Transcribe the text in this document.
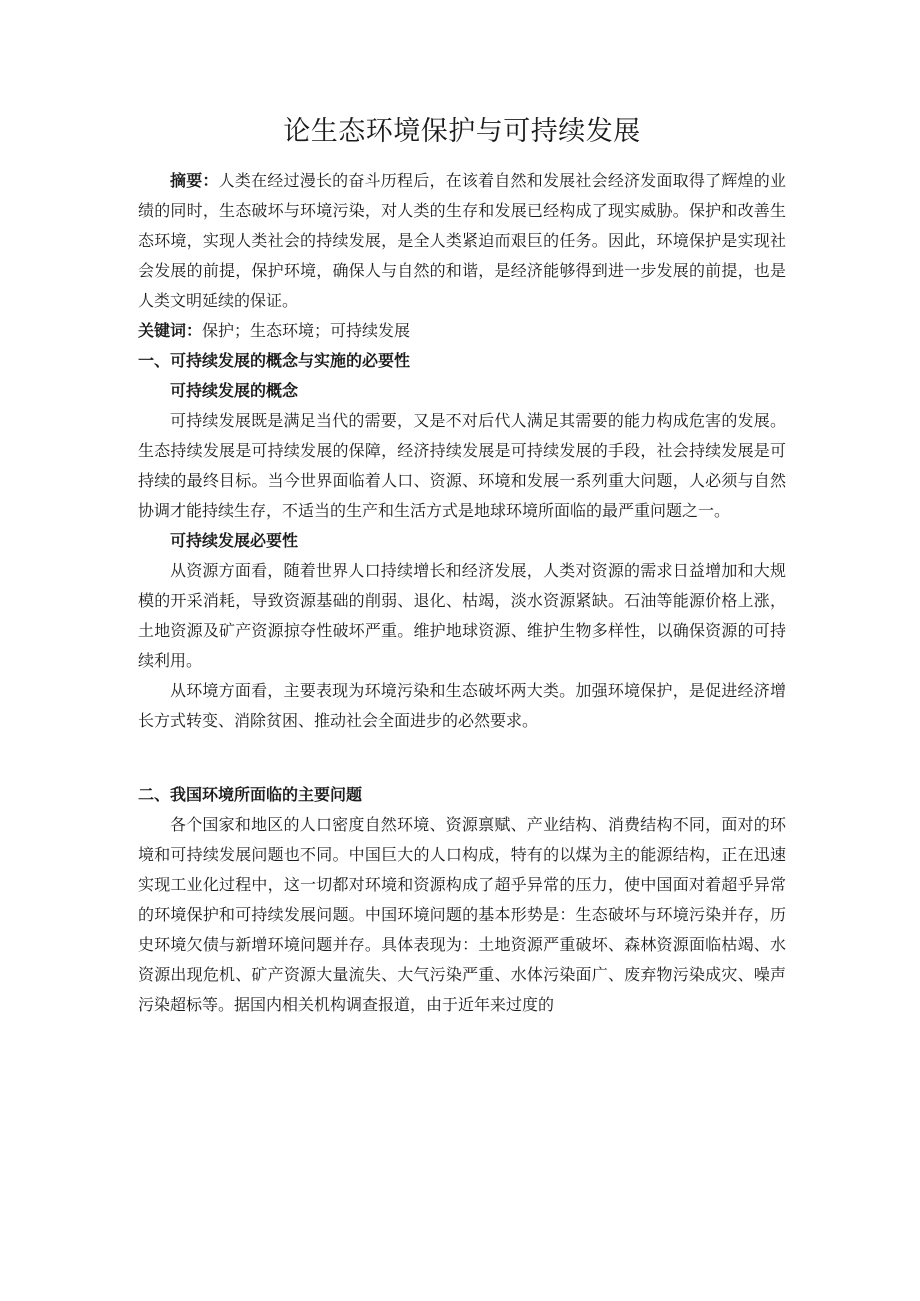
论生态环境保护与可持续发展

摘要：人类在经过漫长的奋斗历程后，在该着自然和发展社会经济发面取得了辉煌的业绩的同时，生态破坏与环境污染，对人类的生存和发展已经构成了现实威胁。保护和改善生态环境，实现人类社会的持续发展，是全人类紧迫而艰巨的任务。因此，环境保护是实现社会发展的前提，保护环境，确保人与自然的和谐，是经济能够得到进一步发展的前提，也是人类文明延续的保证。

关键词：保护；生态环境；可持续发展

一、可持续发展的概念与实施的必要性
可持续发展的概念

可持续发展既是满足当代的需要，又是不对后代人满足其需要的能力构成危害的发展。生态持续发展是可持续发展的保障，经济持续发展是可持续发展的手段，社会持续发展是可持续的最终目标。当今世界面临着人口、资源、环境和发展一系列重大问题，人必须与自然协调才能持续生存，不适当的生产和生活方式是地球环境所面临的最严重问题之一。

可持续发展必要性

从资源方面看，随着世界人口持续增长和经济发展，人类对资源的需求日益增加和大规模的开采消耗，导致资源基础的削弱、退化、枯竭，淡水资源紧缺。石油等能源价格上涨，土地资源及矿产资源掠夺性破坏严重。维护地球资源、维护生物多样性，以确保资源的可持续利用。

从环境方面看，主要表现为环境污染和生态破坏两大类。加强环境保护，是促进经济增长方式转变、消除贫困、推动社会全面进步的必然要求。

二、我国环境所面临的主要问题

各个国家和地区的人口密度自然环境、资源禀赋、产业结构、消费结构不同，面对的环境和可持续发展问题也不同。中国巨大的人口构成，特有的以煤为主的能源结构，正在迅速实现工业化过程中，这一切都对环境和资源构成了超乎异常的压力，使中国面对着超乎异常的环境保护和可持续发展问题。中国环境问题的基本形势是：生态破坏与环境污染并存，历史环境欠债与新增环境问题并存。具体表现为：土地资源严重破坏、森林资源面临枯竭、水资源出现危机、矿产资源大量流失、大气污染严重、水体污染面广、废弃物污染成灾、噪声污染超标等。据国内相关机构调查报道，由于近年来过度的
